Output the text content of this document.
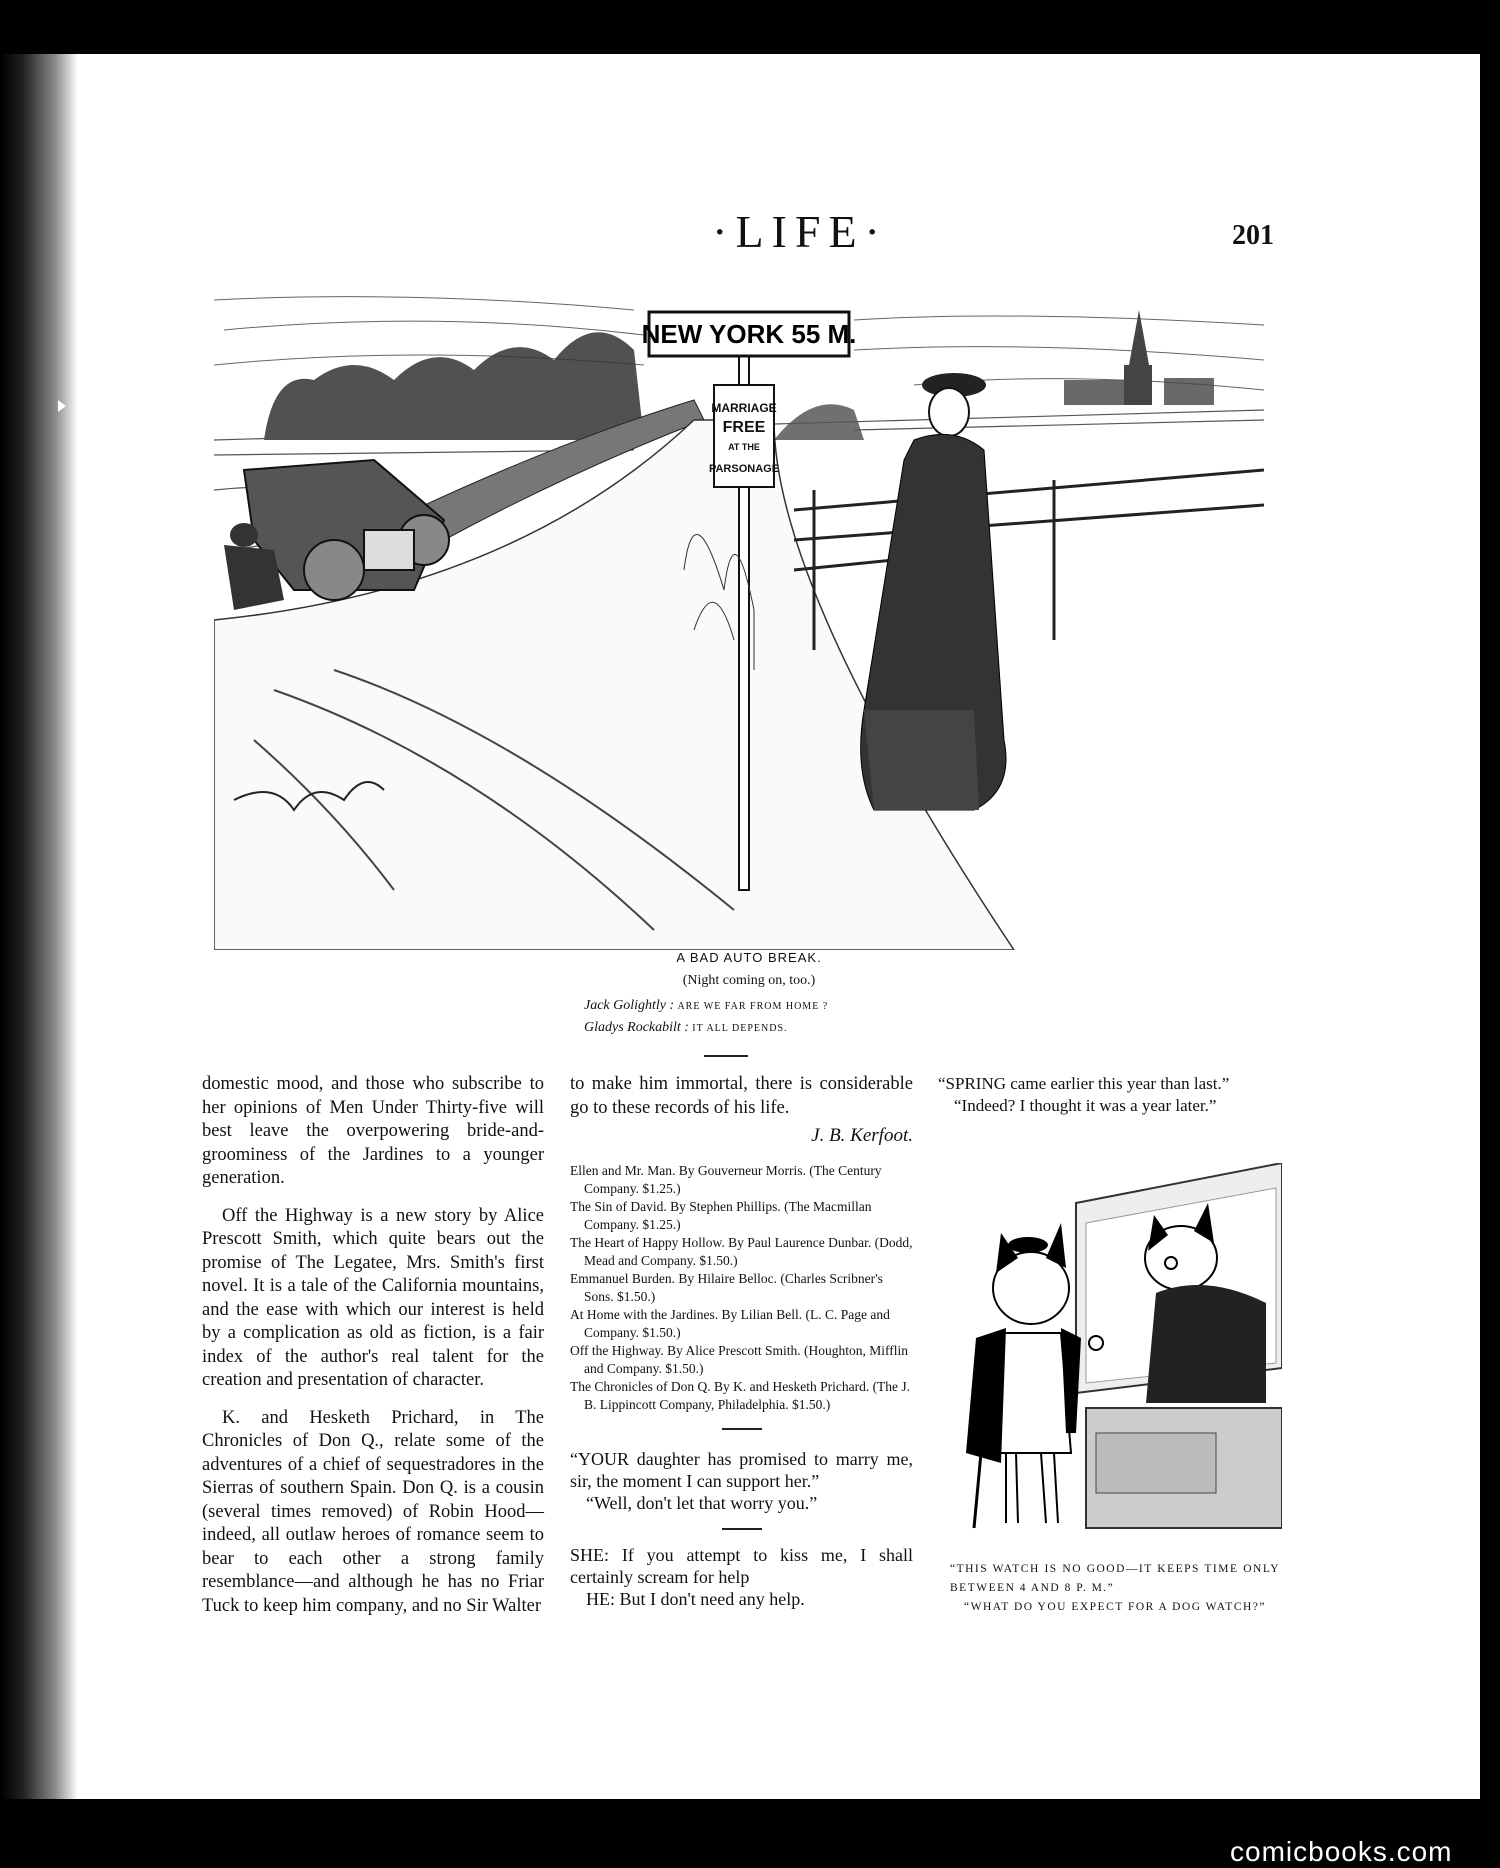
·LIFE·	201
NEW YORK 55 M.
MARRIAGE
FREE
AT THE
PARSONAGE
A BAD AUTO BREAK.
(Night coming on, too.)
Jack Golightly : ARE WE FAR FROM HOME ?
Gladys Rockabilt : IT ALL DEPENDS.

domestic mood, and those who subscribe to her opinions of Men Under Thirty-five will best leave the overpowering bride-and-groominess of the Jardines to a younger generation.

Off the Highway is a new story by Alice Prescott Smith, which quite bears out the promise of The Legatee, Mrs. Smith's first novel. It is a tale of the California mountains, and the ease with which our interest is held by a complication as old as fiction, is a fair index of the author's real talent for the creation and presentation of character.

K. and Hesketh Prichard, in The Chronicles of Don Q., relate some of the adventures of a chief of sequestradores in the Sierras of southern Spain. Don Q. is a cousin (several times removed) of Robin Hood—indeed, all outlaw heroes of romance seem to bear to each other a strong family resemblance—and although he has no Friar Tuck to keep him company, and no Sir Walter

to make him immortal, there is considerable go to these records of his life.

J. B. Kerfoot.
Ellen and Mr. Man. By Gouverneur Morris. (The Century Company. $1.25.)
The Sin of David. By Stephen Phillips. (The Macmillan Company. $1.25.)
The Heart of Happy Hollow. By Paul Laurence Dunbar. (Dodd, Mead and Company. $1.50.)
Emmanuel Burden. By Hilaire Belloc. (Charles Scribner's Sons. $1.50.)
At Home with the Jardines. By Lilian Bell. (L. C. Page and Company. $1.50.)
Off the Highway. By Alice Prescott Smith. (Houghton, Mifflin and Company. $1.50.)
The Chronicles of Don Q. By K. and Hesketh Prichard. (The J. B. Lippincott Company, Philadelphia. $1.50.)
“YOUR daughter has promised to marry me, sir, the moment I can support her.”
“Well, don't let that worry you.”
SHE: If you attempt to kiss me, I shall certainly scream for help
HE: But I don't need any help.
“SPRING came earlier this year than last.”
“Indeed? I thought it was a year later.”
“THIS WATCH IS NO GOOD—IT KEEPS TIME ONLY BETWEEN 4 AND 8 P. M.”
“WHAT DO YOU EXPECT FOR A DOG WATCH?”
comicbooks.com
